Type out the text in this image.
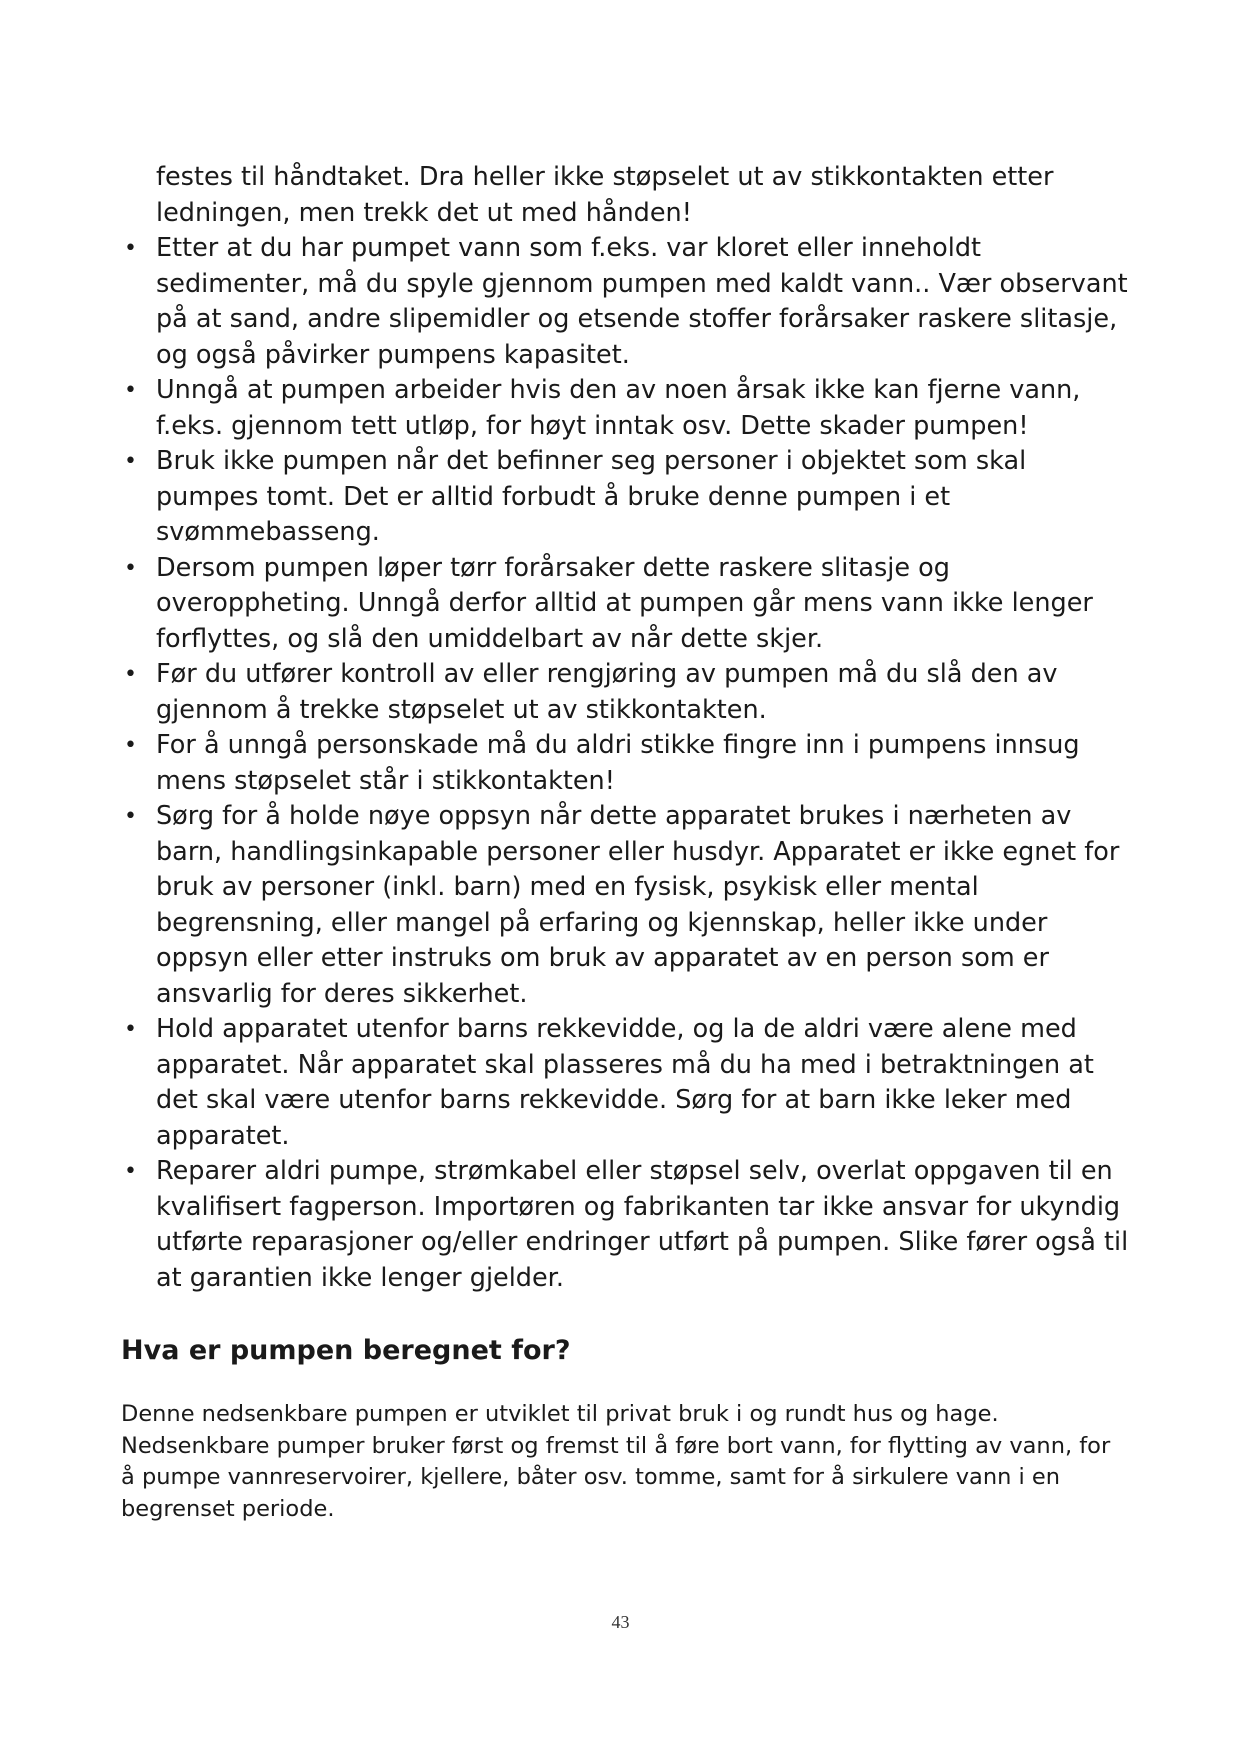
festes til håndtaket. Dra heller ikke støpselet ut av stikkontakten etter ledningen, men trekk det ut med hånden!

• Etter at du har pumpet vann som f.eks. var kloret eller inneholdt sedimenter, må du spyle gjennom pumpen med kaldt vann.. Vær observant på at sand, andre slipemidler og etsende stoffer forårsaker raskere slitasje, og også påvirker pumpens kapasitet.
• Unngå at pumpen arbeider hvis den av noen årsak ikke kan fjerne vann, f.eks. gjennom tett utløp, for høyt inntak osv. Dette skader pumpen!
• Bruk ikke pumpen når det befinner seg personer i objektet som skal pumpes tomt. Det er alltid forbudt å bruke denne pumpen i et svømmebasseng.
• Dersom pumpen løper tørr forårsaker dette raskere slitasje og overoppheting. Unngå derfor alltid at pumpen går mens vann ikke lenger forflyttes, og slå den umiddelbart av når dette skjer.
• Før du utfører kontroll av eller rengjøring av pumpen må du slå den av gjennom å trekke støpselet ut av stikkontakten.
• For å unngå personskade må du aldri stikke fingre inn i pumpens innsug mens støpselet står i stikkontakten!
• Sørg for å holde nøye oppsyn når dette apparatet brukes i nærheten av barn, handlingsinkapable personer eller husdyr. Apparatet er ikke egnet for bruk av personer (inkl. barn) med en fysisk, psykisk eller mental begrensning, eller mangel på erfaring og kjennskap, heller ikke under oppsyn eller etter instruks om bruk av apparatet av en person som er ansvarlig for deres sikkerhet.
• Hold apparatet utenfor barns rekkevidde, og la de aldri være alene med apparatet. Når apparatet skal plasseres må du ha med i betraktningen at det skal være utenfor barns rekkevidde. Sørg for at barn ikke leker med apparatet.
• Reparer aldri pumpe, strømkabel eller støpsel selv, overlat oppgaven til en kvalifisert fagperson. Importøren og fabrikanten tar ikke ansvar for ukyndig utførte reparasjoner og/eller endringer utført på pumpen. Slike fører også til at garantien ikke lenger gjelder.
Hva er pumpen beregnet for?

Denne nedsenkbare pumpen er utviklet til privat bruk i og rundt hus og hage. Nedsenkbare pumper bruker først og fremst til å føre bort vann, for flytting av vann, for å pumpe vannreservoirer, kjellere, båter osv. tomme, samt for å sirkulere vann i en begrenset periode.

43
